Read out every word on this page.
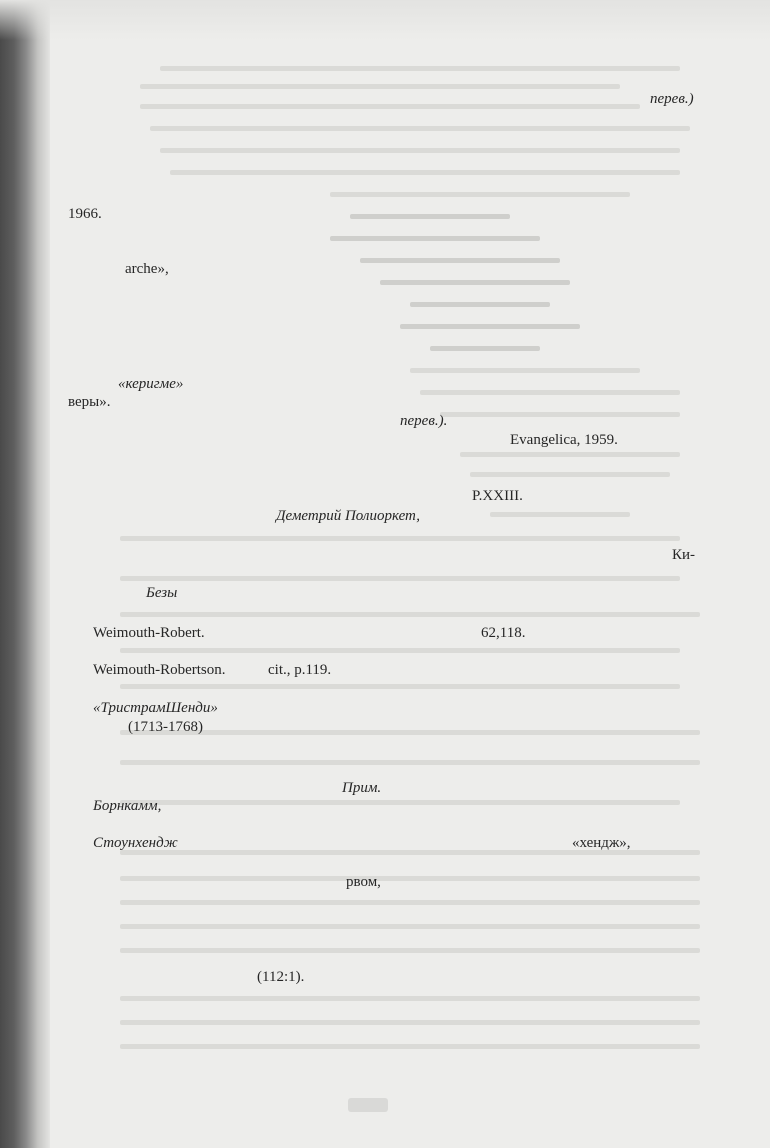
перев.)
1966.
arche»,
«керигме»
веры».
перев.).
Evangelica, 1959.
P.XXIII.
Деметрий Полиоркет,
Ки-
Безы
Weimouth-Robert.	62,118.
Weimouth-Robertson.	cit., p.119.
«ТристрамШенди»
(1713-1768)
Прим.
Борнкамм,
Стоунхендж	«хендж»,
рвом,
(112:1).
